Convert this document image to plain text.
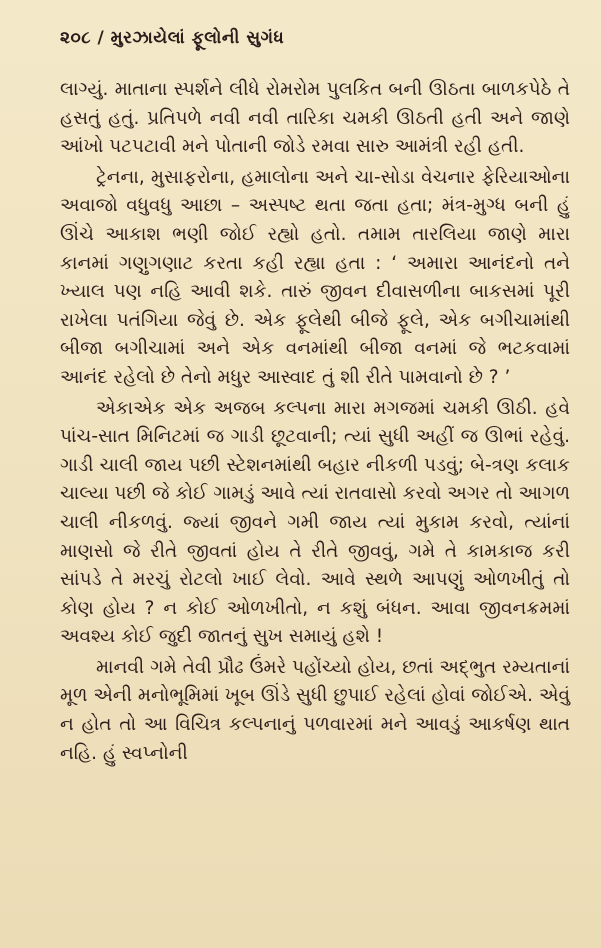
૨૦૮ / મુરઝાયેલાં ફૂલોની સુગંધ

લાગ્યું. માતાના સ્પર્શને લીધે રોમરોમ પુલકિત બની ઊઠતા બાળકપેઠે તે હસતું હતું. પ્રતિપળે નવી નવી તારિકા ચમકી ઊઠતી હતી અને જાણે આંખો પટપટાવી મને પોતાની જોડે રમવા સારુ આમંત્રી રહી હતી.

ટ્રેનના, મુસાફરોના, હમાલોના અને ચા-સોડા વેચનાર ફેરિયાઓના અવાજો વધુવધુ આછા – અસ્પષ્ટ થતા જતા હતા; મંત્ર-મુગ્ધ બની હું ઊંચે આકાશ ભણી જોઈ રહ્યો હતો. તમામ તારલિયા જાણે મારા કાનમાં ગણુગણાટ કરતા કહી રહ્યા હતા : ‘ અમારા આનંદનો તને ખ્યાલ પણ નહિ આવી શકે. તારું જીવન દીવાસળીના બાકસમાં પૂરી રાખેલા પતંગિયા જેવું છે. એક ફૂલેથી બીજે ફૂલે, એક બગીચામાંથી બીજા બગીચામાં અને એક વનમાંથી બીજા વનમાં જે ભટકવામાં આનંદ રહેલો છે તેનો મધુર આસ્વાદ તું શી રીતે પામવાનો છે ? ’

એકાએક એક અજબ કલ્પના મારા મગજમાં ચમકી ઊઠી. હવે પાંચ-સાત મિનિટમાં જ ગાડી છૂટવાની; ત્યાં સુધી અહીં જ ઊભાં રહેવું. ગાડી ચાલી જાય પછી સ્ટેશનમાંથી બહાર નીકળી પડવું; બે-ત્રણ કલાક ચાલ્યા પછી જે કોઈ ગામડું આવે ત્યાં રાતવાસો કરવો અગર તો આગળ ચાલી નીકળવું. જ્યાં જીવને ગમી જાય ત્યાં મુકામ કરવો, ત્યાંનાં માણસો જે રીતે જીવતાં હોય તે રીતે જીવવું, ગમે તે કામકાજ કરી સાંપડે તે મરચું રોટલો ખાઈ લેવો. આવે સ્થળે આપણું ઓળખીતું તો કોણ હોય ? ન કોઈ ઓળખીતો, ન કશું બંધન. આવા જીવનક્રમમાં અવશ્ય કોઈ જુદી જાતનું સુખ સમાયું હશે !

માનવી ગમે તેવી પ્રૌઢ ઉંમરે પહોંચ્યો હોય, છતાં અદ્ભુત રમ્યતાનાં મૂળ એની મનોભૂમિમાં ખૂબ ઊંડે સુધી છુપાઈ રહેલાં હોવાં જોઈએ. એવું ન હોત તો આ વિચિત્ર કલ્પનાનું પળવારમાં મને આવડું આકર્ષણ થાત નહિ. હું સ્વપ્નોની
